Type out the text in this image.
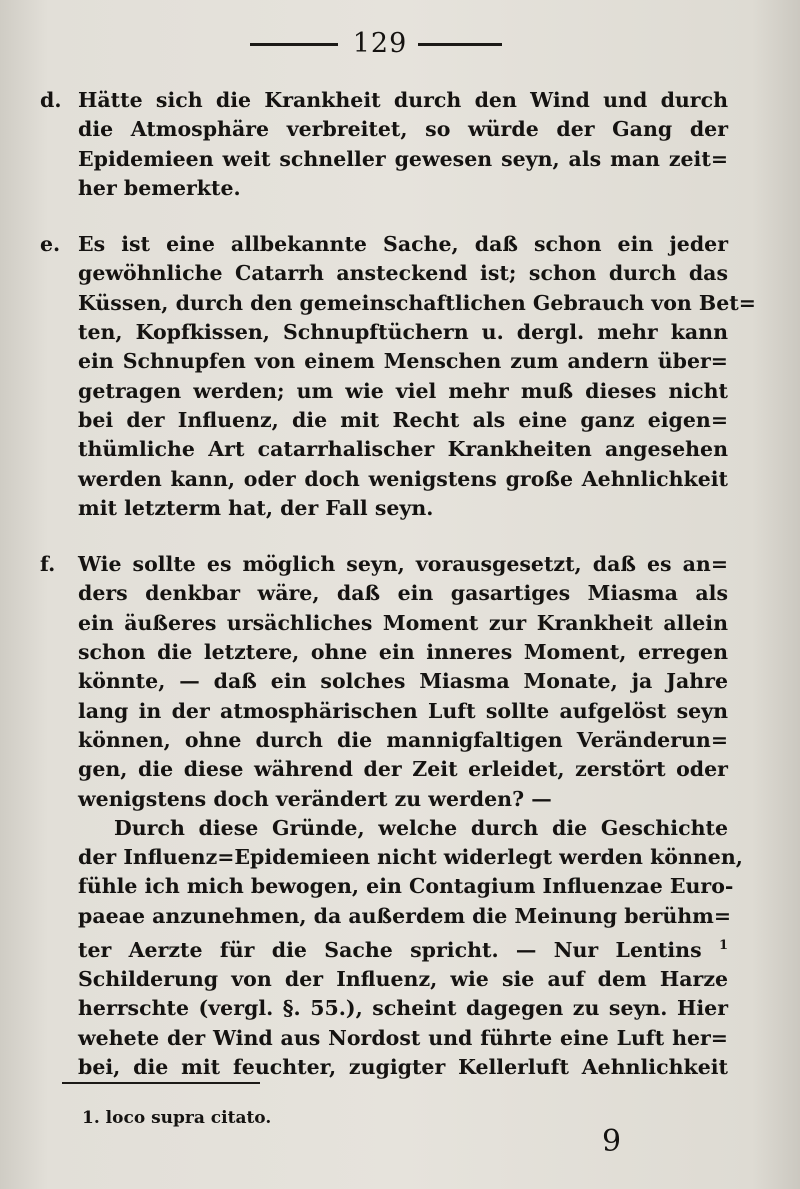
129

d. Hätte sich die Krankheit durch den Wind und durch
die Atmosphäre verbreitet, so würde der Gang der
Epidemieen weit schneller gewesen seyn, als man zeit=
her bemerkte.

e. Es ist eine allbekannte Sache, daß schon ein jeder
gewöhnliche Catarrh ansteckend ist; schon durch das
Küssen, durch den gemeinschaftlichen Gebrauch von Bet=
ten, Kopfkissen, Schnupftüchern u. dergl. mehr kann
ein Schnupfen von einem Menschen zum andern über=
getragen werden; um wie viel mehr muß dieses nicht
bei der Influenz, die mit Recht als eine ganz eigen=
thümliche Art catarrhalischer Krankheiten angesehen
werden kann, oder doch wenigstens große Aehnlichkeit
mit letzterm hat, der Fall seyn.

f. Wie sollte es möglich seyn, vorausgesetzt, daß es an=
ders denkbar wäre, daß ein gasartiges Miasma als
ein äußeres ursächliches Moment zur Krankheit allein
schon die letztere, ohne ein inneres Moment, erregen
könnte, — daß ein solches Miasma Monate, ja Jahre
lang in der atmosphärischen Luft sollte aufgelöst seyn
können, ohne durch die mannigfaltigen Veränderun=
gen, die diese während der Zeit erleidet, zerstört oder
wenigstens doch verändert zu werden? —

Durch diese Gründe, welche durch die Geschichte
der Influenz=Epidemieen nicht widerlegt werden können,
fühle ich mich bewogen, ein Contagium Influenzae Euro-
paeae anzunehmen, da außerdem die Meinung berühm=
ter Aerzte für die Sache spricht. — Nur Lentins $^1$
Schilderung von der Influenz, wie sie auf dem Harze
herrschte (vergl. §. 55.), scheint dagegen zu seyn. Hier
wehete der Wind aus Nordost und führte eine Luft her=
bei, die mit feuchter, zugigter Kellerluft Aehnlichkeit

1. loco supra citato.
9
